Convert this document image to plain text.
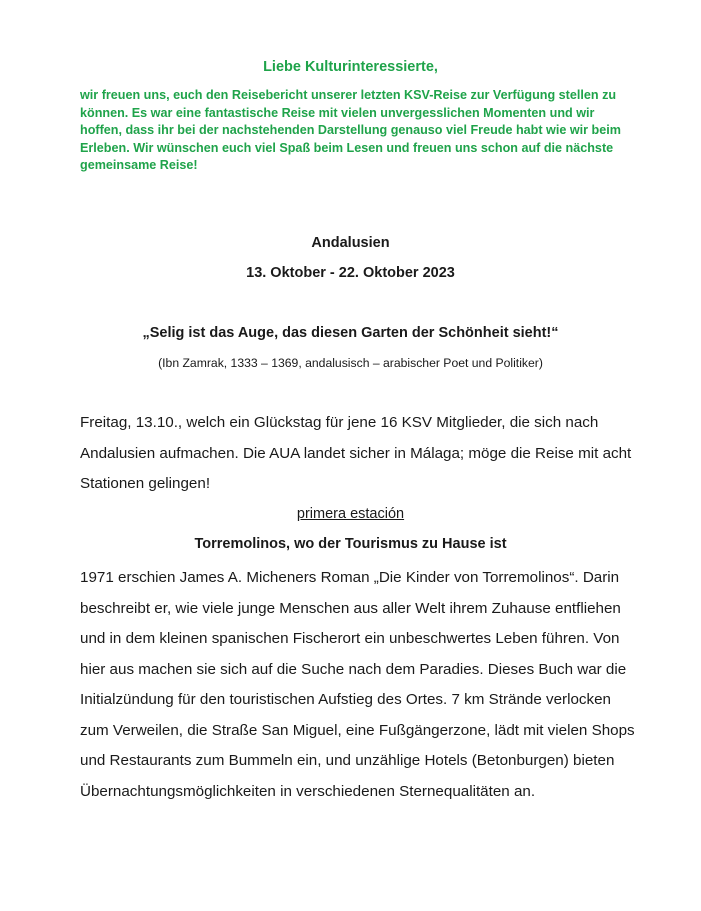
Liebe Kulturinteressierte,
wir freuen uns, euch den Reisebericht unserer letzten KSV-Reise zur Verfügung stellen zu können. Es war eine fantastische Reise mit vielen unvergesslichen Momenten und wir hoffen, dass ihr bei der nachstehenden Darstellung genauso viel Freude habt wie wir beim Erleben. Wir wünschen euch viel Spaß beim Lesen und freuen uns schon auf die nächste gemeinsame Reise!
Andalusien
13. Oktober - 22. Oktober 2023
„Selig ist das Auge, das diesen Garten der Schönheit sieht!“
(Ibn Zamrak, 1333 – 1369, andalusisch – arabischer Poet und Politiker)
Freitag, 13.10., welch ein Glückstag für jene 16 KSV Mitglieder, die sich nach Andalusien aufmachen. Die AUA landet sicher in Málaga; möge die Reise mit acht Stationen gelingen!
primera estación
Torremolinos, wo der Tourismus zu Hause ist
1971 erschien James A. Micheners Roman „Die Kinder von Torremolinos“. Darin beschreibt er, wie viele junge Menschen aus aller Welt ihrem Zuhause entfliehen und in dem kleinen spanischen Fischerort ein unbeschwertes Leben führen. Von hier aus machen sie sich auf die Suche nach dem Paradies. Dieses Buch war die Initialzündung für den touristischen Aufstieg des Ortes. 7 km Strände verlocken zum Verweilen, die Straße San Miguel, eine Fußgängerzone, lädt mit vielen Shops und Restaurants zum Bummeln ein, und unzählige Hotels (Betonburgen) bieten Übernachtungsmöglichkeiten in verschiedenen Sternequalitäten an.
